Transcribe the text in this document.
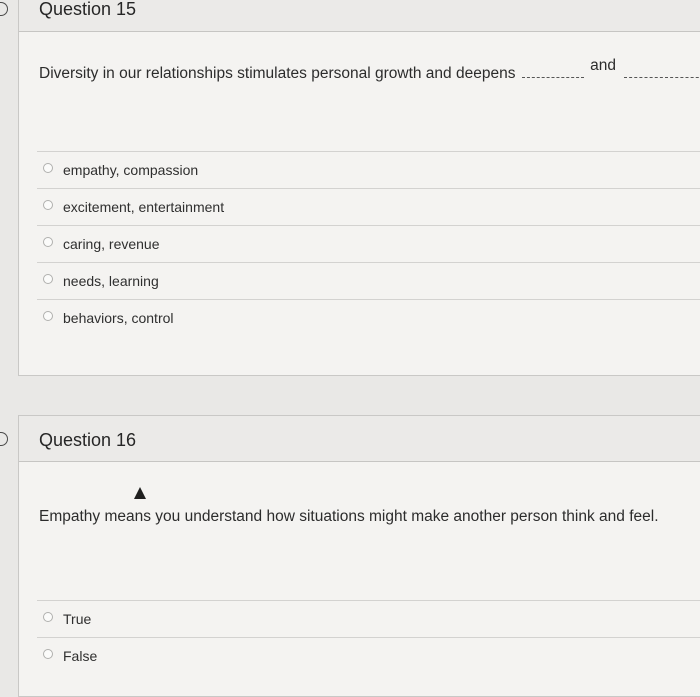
Question 15
Diversity in our relationships stimulates personal growth and deepens	and
empathy, compassion
excitement, entertainment
caring, revenue
needs, learning
behaviors, control
Question 16
Empathy means you understand how situations might make another person think and feel.
True
False
